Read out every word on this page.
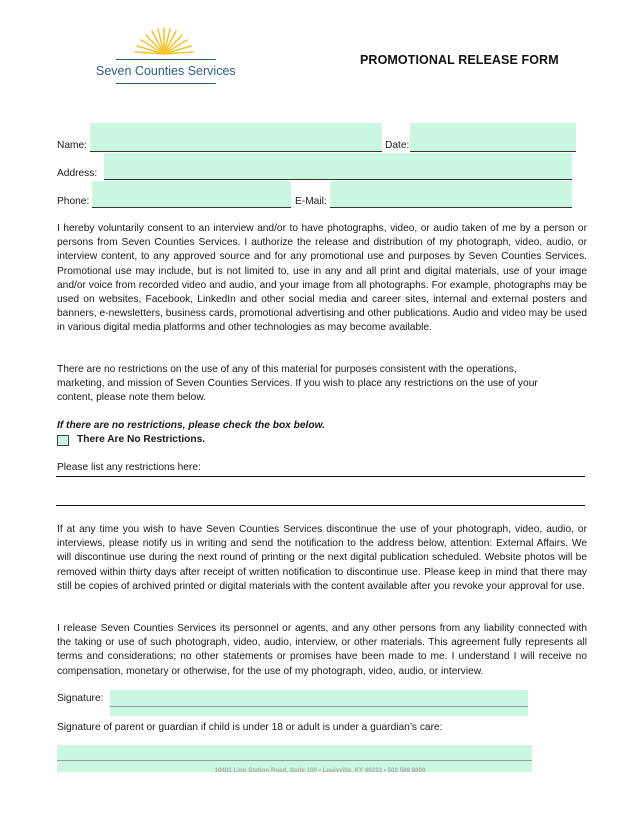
Seven Counties Services
PROMOTIONAL RELEASE FORM
Name:	Date:
Address:
Phone:	E-Mail:
I hereby voluntarily consent to an interview and/or to have photographs, video, or audio taken of me by a person or persons from Seven Counties Services. I authorize the release and distribution of my photograph, video, audio, or interview content, to any approved source and for any promotional use and purposes by Seven Counties Services. Promotional use may include, but is not limited to, use in any and all print and digital materials, use of your image and/or voice from recorded video and audio, and your image from all photographs. For example, photographs may be used on websites, Facebook, LinkedIn and other social media and career sites, internal and external posters and banners, e-newsletters, business cards, promotional advertising and other publications. Audio and video may be used in various digital media platforms and other technologies as may become available.
There are no restrictions on the use of any of this material for purposes consistent with the operations,
marketing, and mission of Seven Counties Services. If you wish to place any restrictions on the use of your
content, please note them below.
If there are no restrictions, please check the box below.
There Are No Restrictions.
Please list any restrictions here:
If at any time you wish to have Seven Counties Services discontinue the use of your photograph, video, audio, or interviews, please notify us in writing and send the notification to the address below, attention: External Affairs. We will discontinue use during the next round of printing or the next digital publication scheduled. Website photos will be removed within thirty days after receipt of written notification to discontinue use. Please keep in mind that there may still be copies of archived printed or digital materials with the content available after you revoke your approval for use.
I release Seven Counties Services its personnel or agents, and any other persons from any liability connected with the taking or use of such photograph, video, audio, interview, or other materials. This agreement fully represents all terms and considerations; no other statements or promises have been made to me. I understand I will receive no compensation, monetary or otherwise, for the use of my photograph, video, audio, or interview.
Signature:
Signature of parent or guardian if child is under 18 or adult is under a guardian’s care:
10401 Linn Station Road, Suite 100 • Louisville, KY 40223 • 502 589 8600
